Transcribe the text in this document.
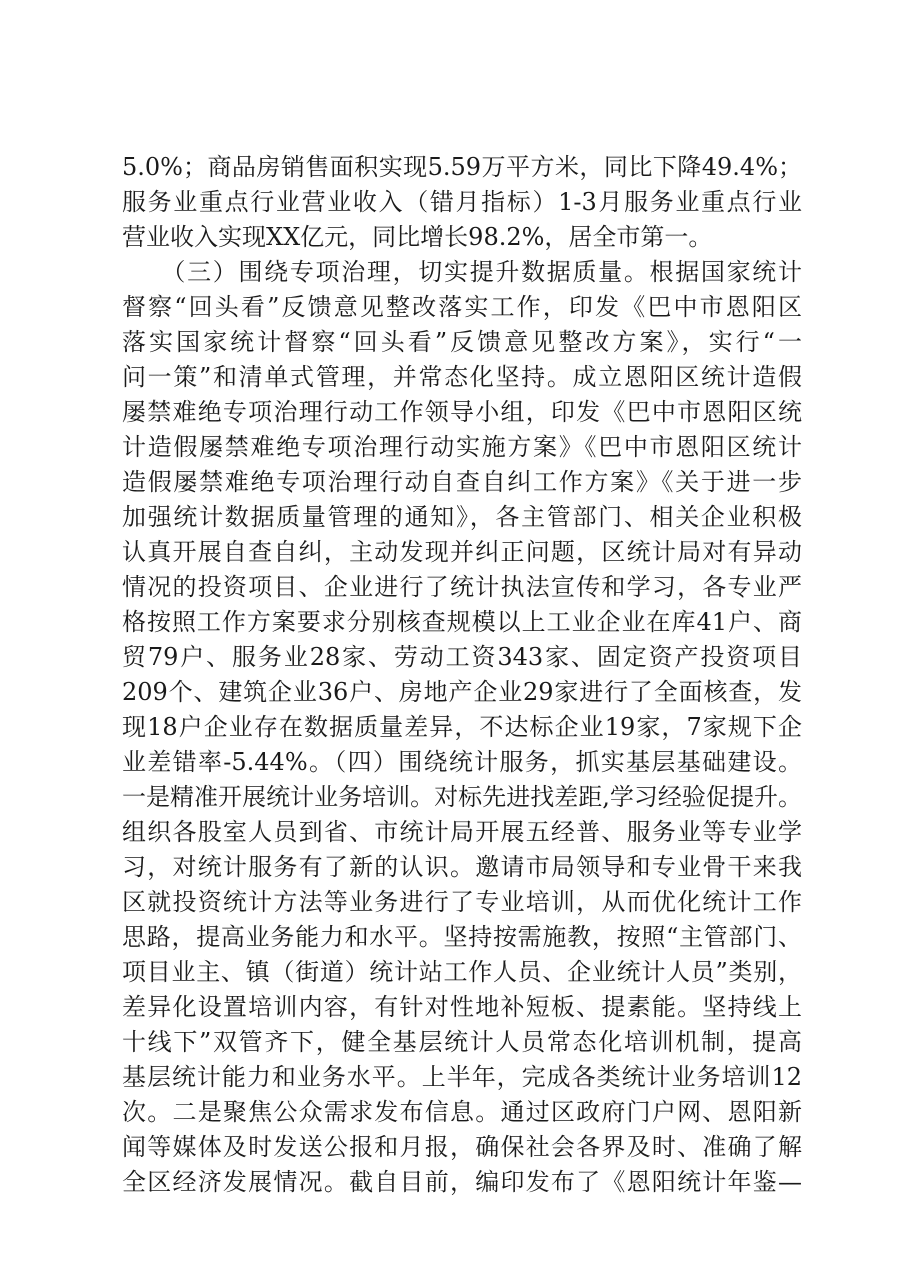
5.0%；商品房销售面积实现5.59万平方米，同比下降49.4%；
服务业重点行业营业收入（错月指标）1-3月服务业重点行业
营业收入实现XX亿元，同比增长98.2%，居全市第一。
　　（三）围绕专项治理，切实提升数据质量。根据国家统计
督察“回头看”反馈意见整改落实工作，印发《巴中市恩阳区
落实国家统计督察“回头看”反馈意见整改方案》，实行“一
问一策”和清单式管理，并常态化坚持。成立恩阳区统计造假
屡禁难绝专项治理行动工作领导小组，印发《巴中市恩阳区统
计造假屡禁难绝专项治理行动实施方案》《巴中市恩阳区统计
造假屡禁难绝专项治理行动自查自纠工作方案》《关于进一步
加强统计数据质量管理的通知》，各主管部门、相关企业积极
认真开展自查自纠，主动发现并纠正问题，区统计局对有异动
情况的投资项目、企业进行了统计执法宣传和学习，各专业严
格按照工作方案要求分别核查规模以上工业企业在库41户、商
贸79户、服务业28家、劳动工资343家、固定资产投资项目
209个、建筑企业36户、房地产企业29家进行了全面核查，发
现18户企业存在数据质量差异，不达标企业19家，7家规下企
业差错率-5.44%。（四）围绕统计服务，抓实基层基础建设。
一是精准开展统计业务培训。对标先进找差距,学习经验促提升。
组织各股室人员到省、市统计局开展五经普、服务业等专业学
习，对统计服务有了新的认识。邀请市局领导和专业骨干来我
区就投资统计方法等业务进行了专业培训，从而优化统计工作
思路，提高业务能力和水平。坚持按需施教，按照“主管部门、
项目业主、镇（街道）统计站工作人员、企业统计人员”类别，
差异化设置培训内容，有针对性地补短板、提素能。坚持线上
十线下”双管齐下，健全基层统计人员常态化培训机制，提高
基层统计能力和业务水平。上半年，完成各类统计业务培训12
次。二是聚焦公众需求发布信息。通过区政府门户网、恩阳新
闻等媒体及时发送公报和月报，确保社会各界及时、准确了解
全区经济发展情况。截自目前，编印发布了《恩阳统计年鉴—
